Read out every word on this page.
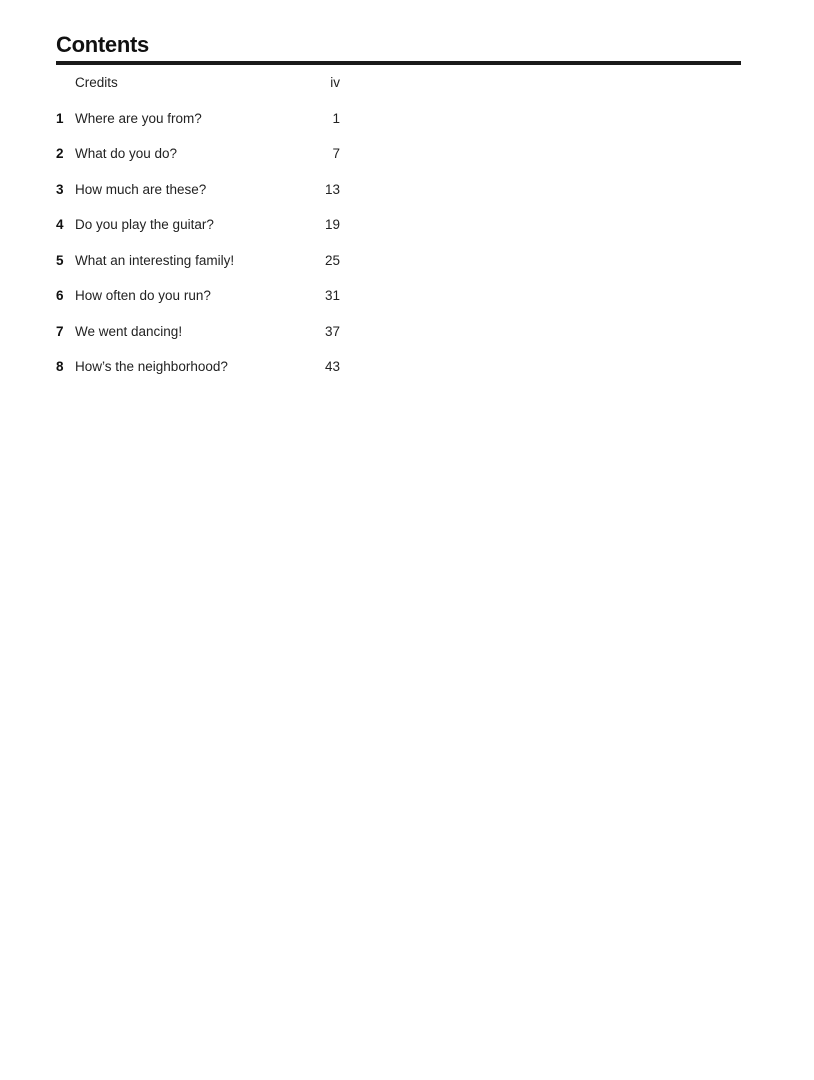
Contents
Credits	iv
1 Where are you from?	1
2 What do you do?	7
3 How much are these?	13
4 Do you play the guitar?	19
5 What an interesting family!	25
6 How often do you run?	31
7 We went dancing!	37
8 How’s the neighborhood?	43
